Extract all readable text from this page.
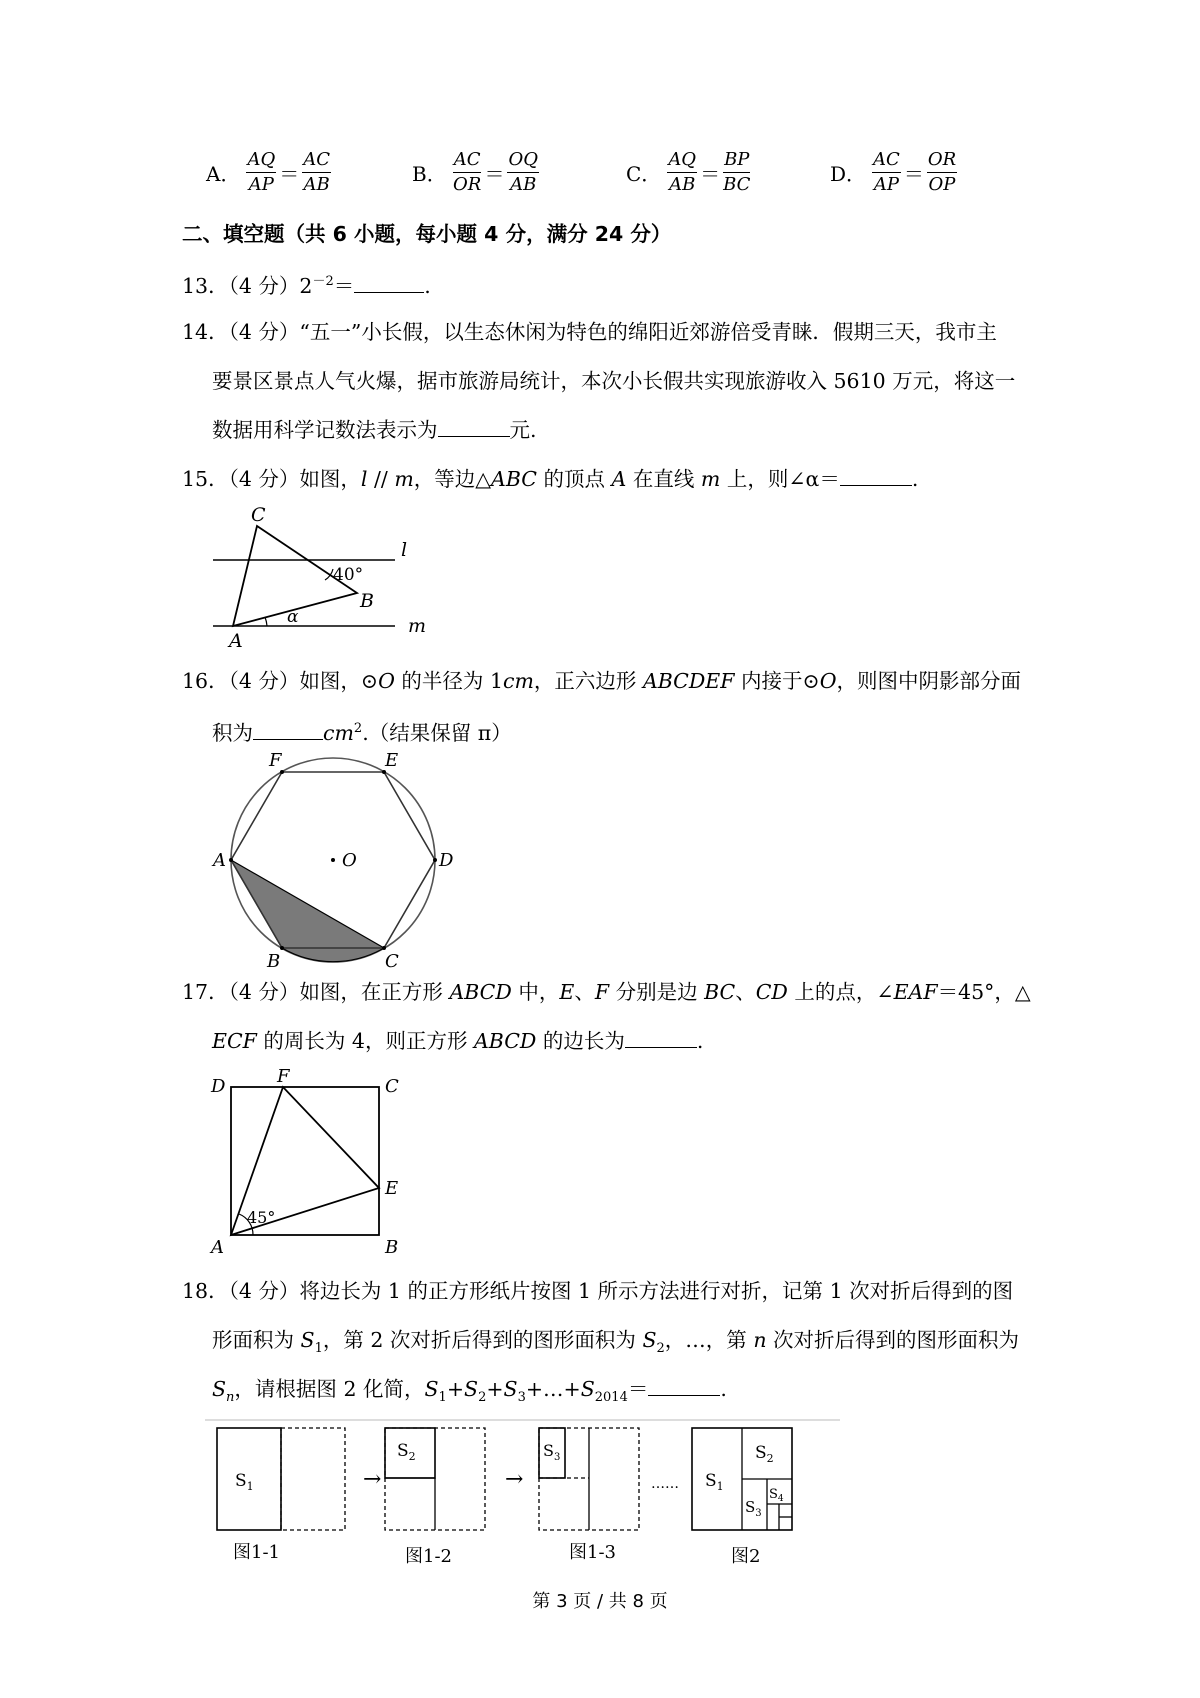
A． $\frac{AQ}{AP} = \frac{AC}{AB}$	B． $\frac{AC}{OR} = \frac{OQ}{AB}$	C． $\frac{AQ}{AB} = \frac{BP}{BC}$	D． $\frac{AC}{AP} = \frac{OR}{OP}$
二、填空题（共 6 小题，每小题 4 分，满分 24 分）
13．（4 分）$2^{-2}=$	.
14．（4 分）“五一”小长假，以生态休闲为特色的绵阳近郊游倍受青睐．假期三天，我市主
要景区景点人气火爆，据市旅游局统计，本次小长假共实现旅游收入 5610 万元，将这一
数据用科学记数法表示为	元.
15．（4 分）如图，l // m，等边△ABC 的顶点 A 在直线 m 上，则∠α＝	.
C
B
A
l
m
40°
α
16．（4 分）如图，⊙O 的半径为 1cm，正六边形 ABCDEF 内接于⊙O，则图中阴影部分面
积为	$cm^2$.（结果保留 π）
F	E
A	D
B	C
O
17．（4 分）如图，在正方形 ABCD 中，E、F 分别是边 BC、CD 上的点，∠EAF＝45°，△
ECF 的周长为 4，则正方形 ABCD 的边长为	.
D	F	C
E
A	B
45°
18．（4 分）将边长为 1 的正方形纸片按图 1 所示方法进行对折，记第 1 次对折后得到的图
形面积为 $S_1$，第 2 次对折后得到的图形面积为 $S_2$，…，第 n 次对折后得到的图形面积为
$S_n$，请根据图 2 化简，$S_1+S_2+S_3+\dots+S_{2014}=$	.
$S_1$	→
$S_2$
→
$S_3$
…… $S_1$
$S_2$
$S_3$
$S_4$
图1-1	图1-2	图1-3	图2
第 3 页 / 共 8 页
